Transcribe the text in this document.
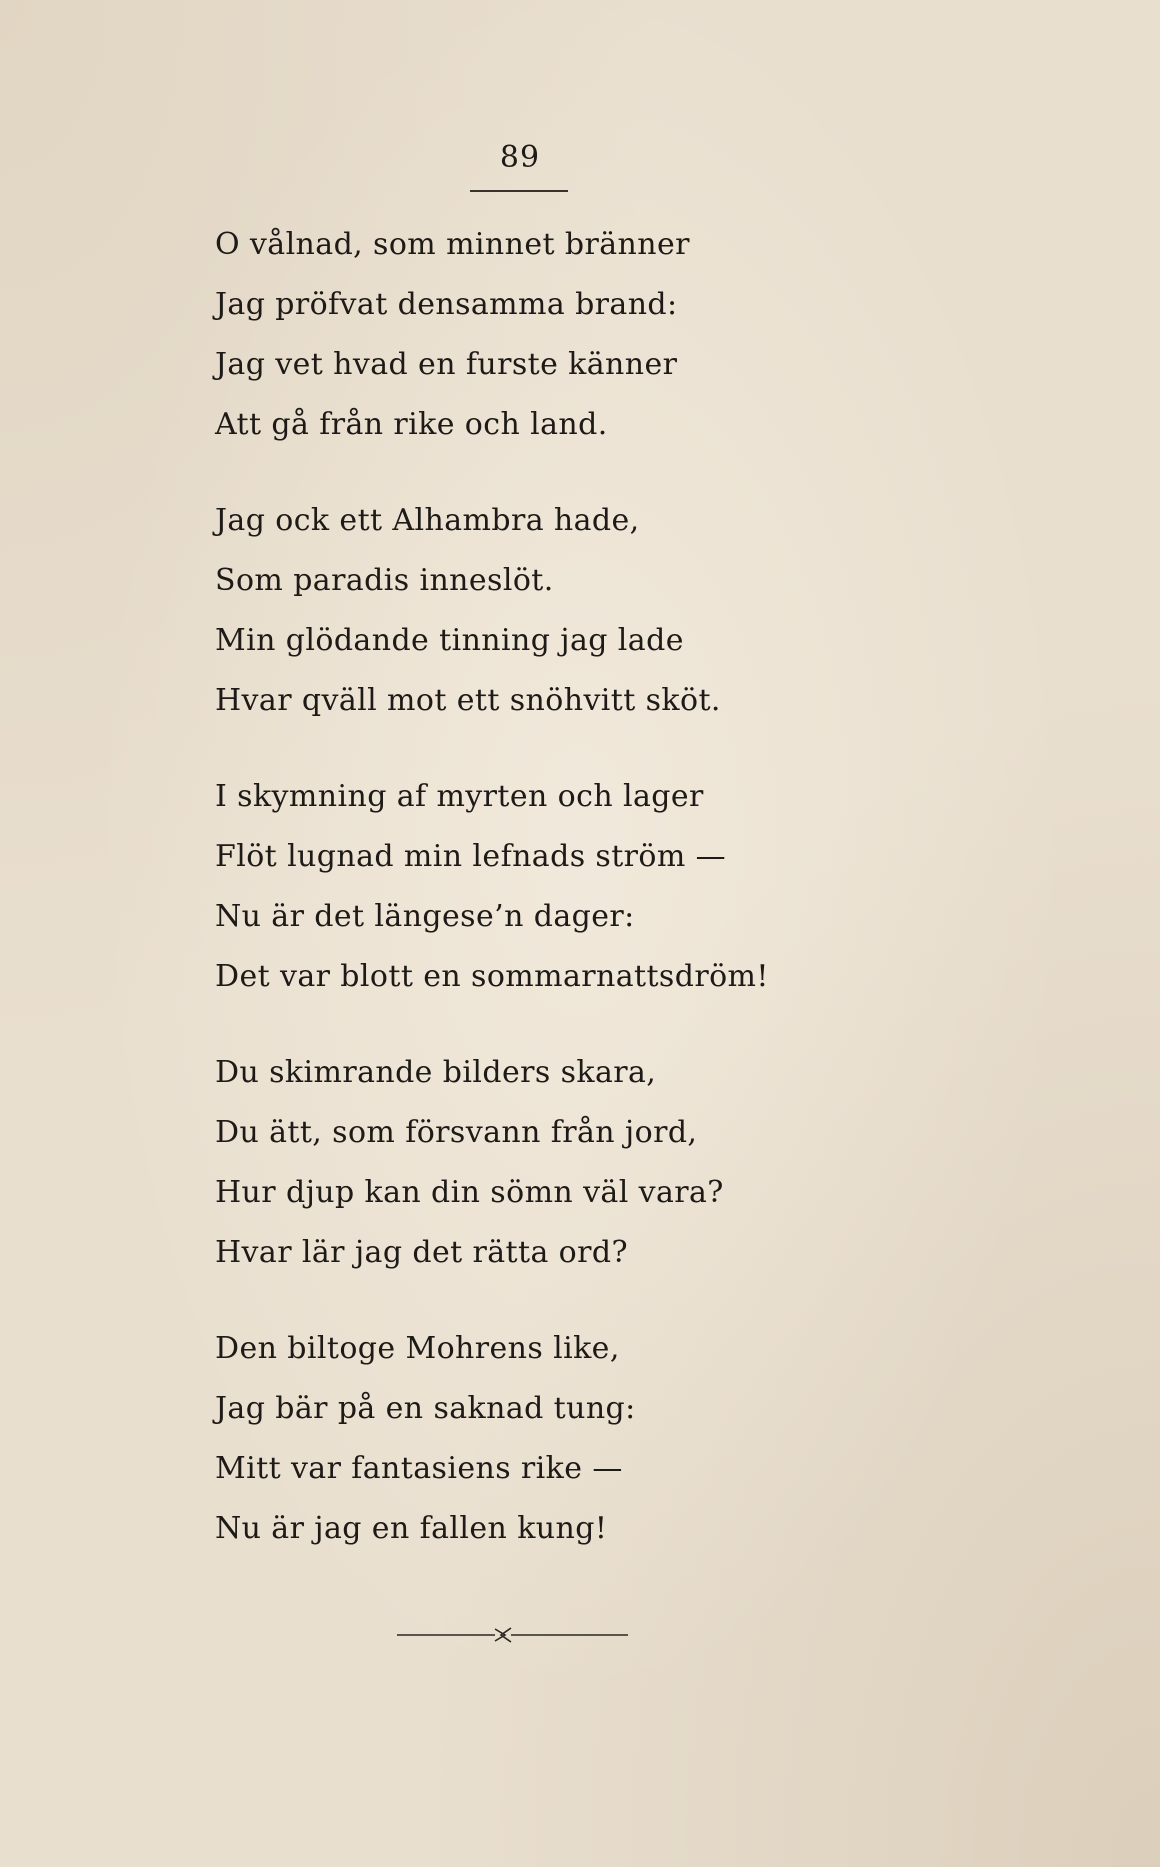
89
O vålnad, som minnet bränner
Jag pröfvat densamma brand:
Jag vet hvad en furste känner
Att gå från rike och land.
Jag ock ett Alhambra hade,
Som paradis inneslöt.
Min glödande tinning jag lade
Hvar qväll mot ett snöhvitt sköt.
I skymning af myrten och lager
Flöt lugnad min lefnads ström —
Nu är det längese’n dager:
Det var blott en sommarnattsdröm!
Du skimrande bilders skara,
Du ätt, som försvann från jord,
Hur djup kan din sömn väl vara?
Hvar lär jag det rätta ord?
Den biltoge Mohrens like,
Jag bär på en saknad tung:
Mitt var fantasiens rike —
Nu är jag en fallen kung!
